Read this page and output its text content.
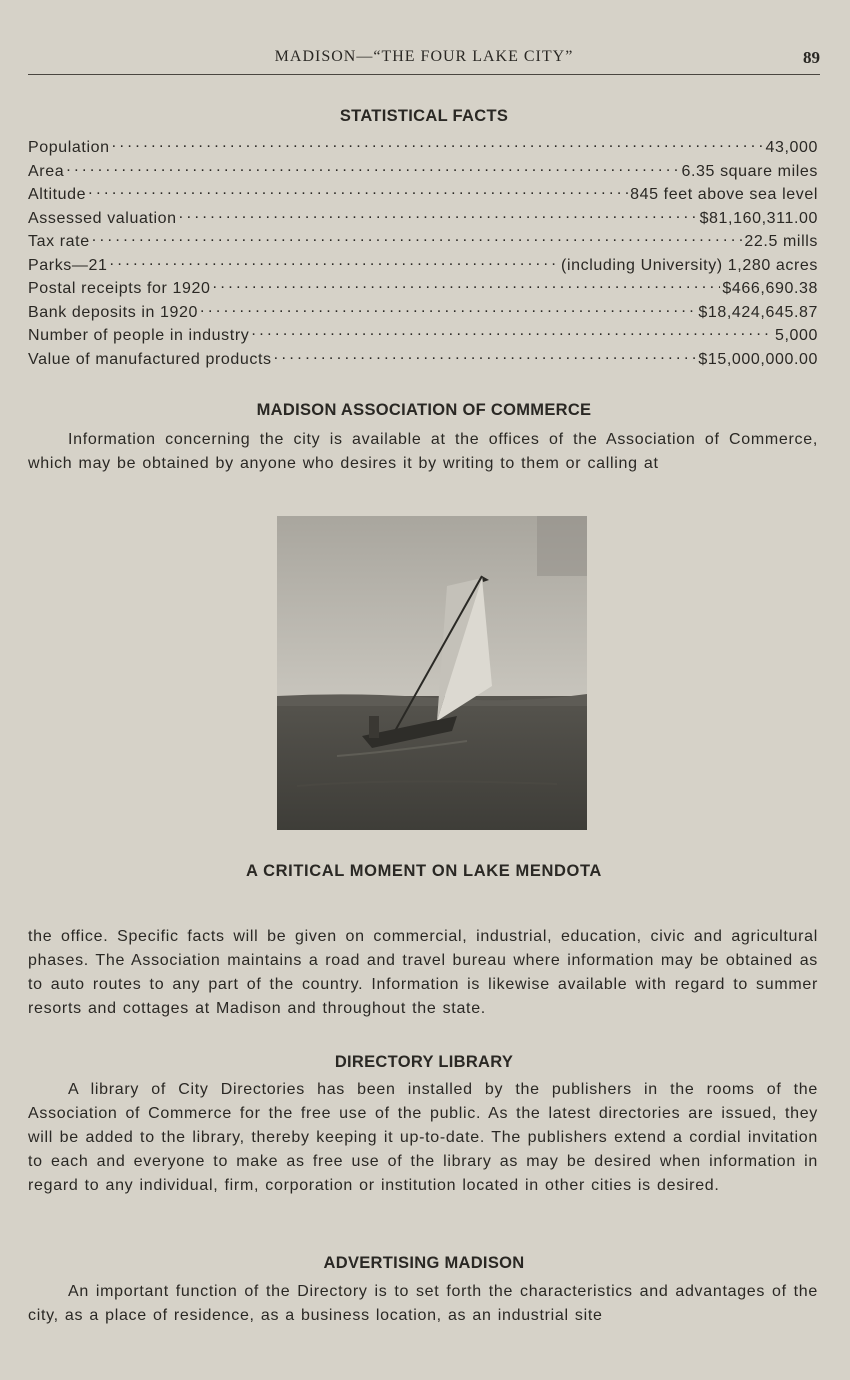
MADISON—“THE FOUR LAKE CITY”	89
STATISTICAL FACTS
Population . . .	43,000
Area . . .	6.35 square miles
Altitude . . .	845 feet above sea level
Assessed valuation . . .	$81,160,311.00
Tax rate . . .	22.5 mills
Parks—21 . . .	(including University) 1,280 acres
Postal receipts for 1920 . . .	$466,690.38
Bank deposits in 1920 . . .	$18,424,645.87
Number of people in industry . . .	5,000
Value of manufactured products . . .	$15,000,000.00
MADISON ASSOCIATION OF COMMERCE
Information concerning the city is available at the offices of the Association of Commerce, which may be obtained by anyone who desires it by writing to them or calling at
A CRITICAL MOMENT ON LAKE MENDOTA
the office. Specific facts will be given on commercial, industrial, education, civic and agricultural phases. The Association maintains a road and travel bureau where information may be obtained as to auto routes to any part of the country. Information is likewise available with regard to summer resorts and cottages at Madison and throughout the state.
DIRECTORY LIBRARY
A library of City Directories has been installed by the publishers in the rooms of the Association of Commerce for the free use of the public. As the latest directories are issued, they will be added to the library, thereby keeping it up-to-date. The publishers extend a cordial invitation to each and everyone to make as free use of the library as may be desired when information in regard to any individual, firm, corporation or institution located in other cities is desired.
ADVERTISING MADISON
An important function of the Directory is to set forth the characteristics and advantages of the city, as a place of residence, as a business location, as an industrial site
